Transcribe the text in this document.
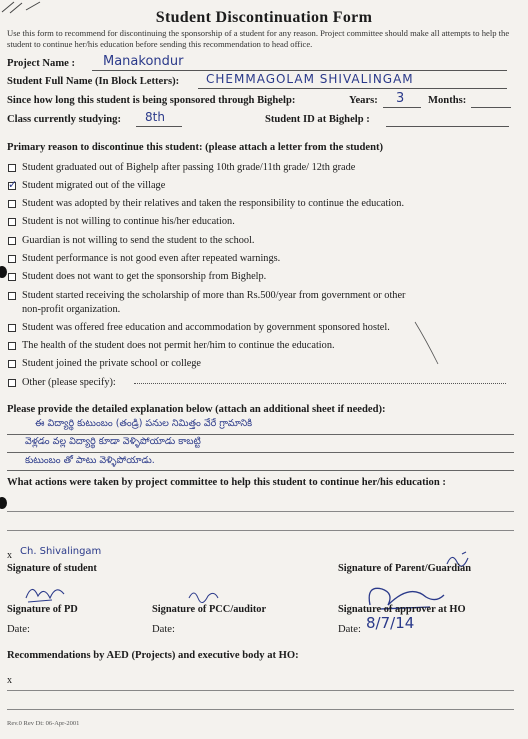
Student Discontinuation Form
Use this form to recommend for discontinuing the sponsorship of a student for any reason. Project committee should make all attempts to help the student to continue her/his education before sending this recommendation to head office.
Project Name : Manakondur
Student Full Name (In Block Letters): CHEMMAGOLAM SHIVALINGAM
Since how long this student is being sponsored through Bighelp:	Years: 3 Months:
Class currently studying: 8th	Student ID at Bighelp :
Primary reason to discontinue this student: (please attach a letter from the student)
Student graduated out of Bighelp after passing 10th grade/11th grade/ 12th grade
✓ Student migrated out of the village
Student was adopted by their relatives and taken the responsibility to continue the education.
Student is not willing to continue his/her education.
Guardian is not willing to send the student to the school.
Student performance is not good even after repeated warnings.
Student does not want to get the sponsorship from Bighelp.
Student started receiving the scholarship of more than Rs.500/year from government or other
non-profit organization.
Student was offered free education and accommodation by government sponsored hostel.
The health of the student does not permit her/him to continue the education.
Student joined the private school or college
Other (please specify):
Please provide the detailed explanation below (attach an additional sheet if needed):
ఈ విద్యార్థి కుటుంబం (తండ్రి) పనుల నిమిత్తం వేరే గ్రామానికి
వెళ్లడం వల్ల విద్యార్థి కూడా వెళ్ళిపోయాడు కాబట్టి
కుటుంబం తో పాటు వెళ్ళిపోయాడు.
What actions were taken by project committee to help this student to continue her/his education :
x Ch. Shivalingam
Signature of student	Signature of Parent/Guardian
Signature of PD	Signature of PCC/auditor	Signature of approver at HO
Date:	Date:	Date: 8/7/14
Recommendations by AED (Projects) and executive body at HO:
x
Rev.0 Rev Dt: 06-Apr-2001
